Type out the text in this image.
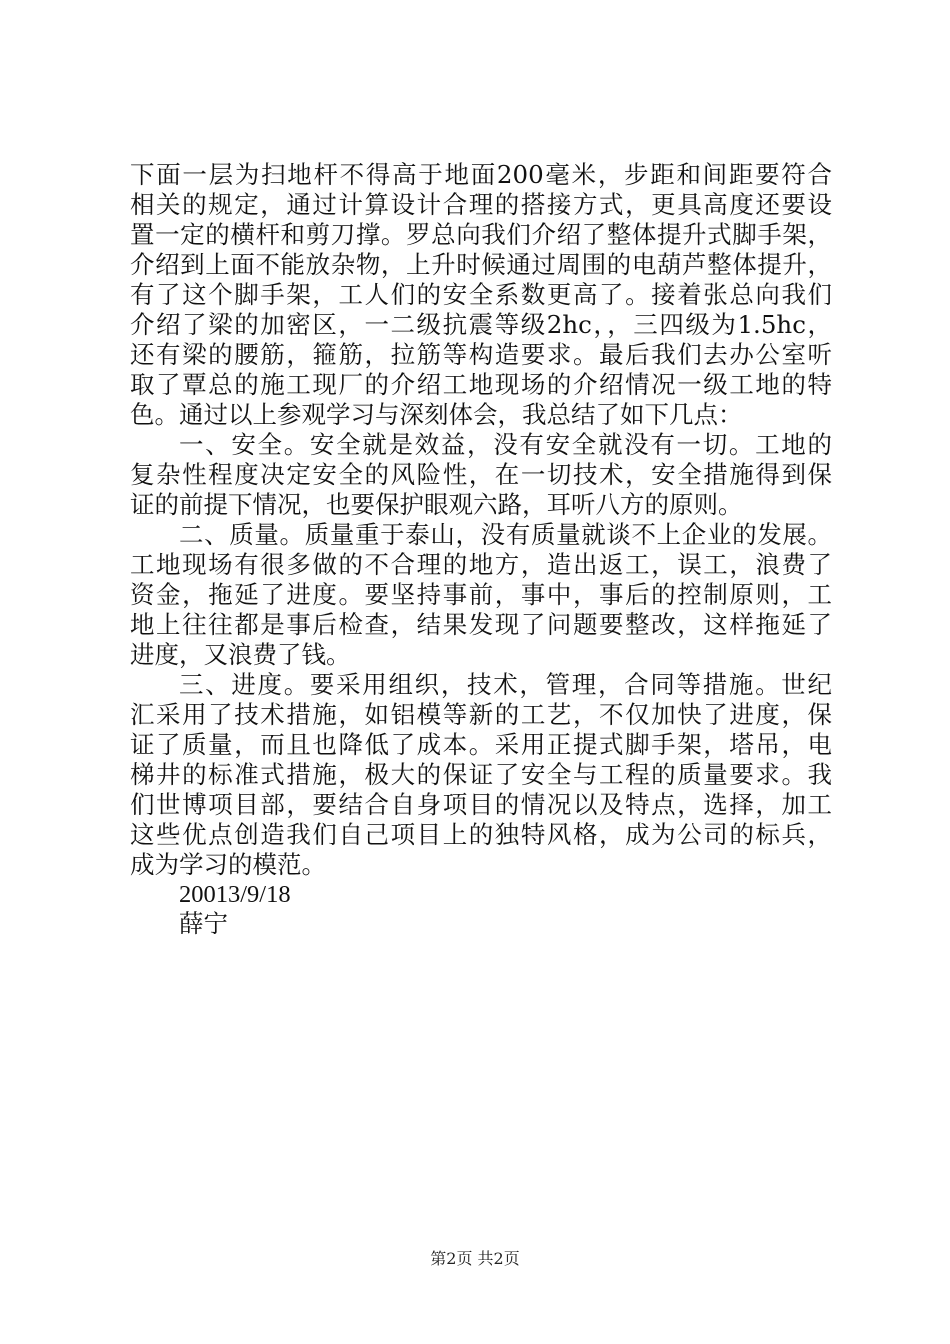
下面一层为扫地杆不得高于地面200毫米，步距和间距要符合
相关的规定，通过计算设计合理的搭接方式，更具高度还要设
置一定的横杆和剪刀撑。罗总向我们介绍了整体提升式脚手架，
介绍到上面不能放杂物，上升时候通过周围的电葫芦整体提升，
有了这个脚手架，工人们的安全系数更高了。接着张总向我们
介绍了梁的加密区，一二级抗震等级2hc，，三四级为1.5hc，
还有梁的腰筋，箍筋，拉筋等构造要求。最后我们去办公室听
取了覃总的施工现厂的介绍工地现场的介绍情况一级工地的特
色。通过以上参观学习与深刻体会，我总结了如下几点：
一、安全。安全就是效益，没有安全就没有一切。工地的
复杂性程度决定安全的风险性，在一切技术，安全措施得到保
证的前提下情况，也要保护眼观六路，耳听八方的原则。
二、质量。质量重于泰山，没有质量就谈不上企业的发展。
工地现场有很多做的不合理的地方，造出返工，误工，浪费了
资金，拖延了进度。要坚持事前，事中，事后的控制原则，工
地上往往都是事后检查，结果发现了问题要整改，这样拖延了
进度，又浪费了钱。
三、进度。要采用组织，技术，管理，合同等措施。世纪
汇采用了技术措施，如铝模等新的工艺，不仅加快了进度，保
证了质量，而且也降低了成本。采用正提式脚手架，塔吊，电
梯井的标准式措施，极大的保证了安全与工程的质量要求。我
们世博项目部，要结合自身项目的情况以及特点，选择，加工
这些优点创造我们自己项目上的独特风格，成为公司的标兵，
成为学习的模范。
20013/9/18
薛宁
第2页 共2页
